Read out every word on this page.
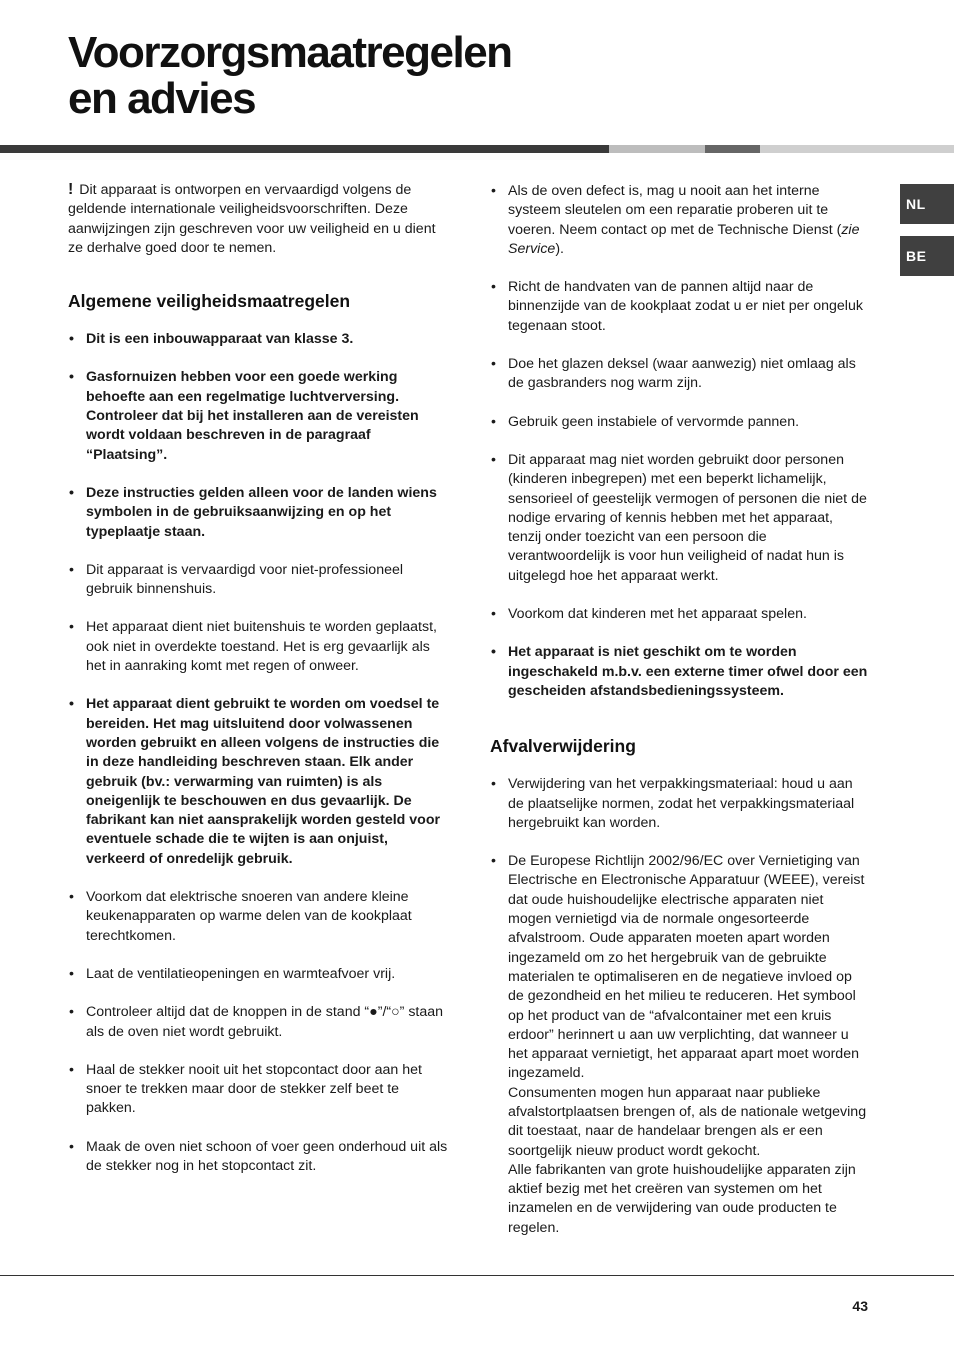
Voorzorgsmaatregelen
en advies
NL
BE

! Dit apparaat is ontworpen en vervaardigd volgens de geldende internationale veiligheidsvoorschriften. Deze aanwijzingen zijn geschreven voor uw veiligheid en u dient ze derhalve goed door te nemen.

Algemene veiligheidsmaatregelen
• Dit is een inbouwapparaat van klasse 3.
• Gasfornuizen hebben voor een goede werking behoefte aan een regelmatige luchtverversing. Controleer dat bij het installeren aan de vereisten wordt voldaan beschreven in de paragraaf “Plaatsing”.
• Deze instructies gelden alleen voor de landen wiens symbolen in de gebruiksaanwijzing en op het typeplaatje staan.
• Dit apparaat is vervaardigd voor niet-professioneel gebruik binnenshuis.
• Het apparaat dient niet buitenshuis te worden geplaatst, ook niet in overdekte toestand. Het is erg gevaarlijk als het in aanraking komt met regen of onweer.
• Het apparaat dient gebruikt te worden om voedsel te bereiden. Het mag uitsluitend door volwassenen worden gebruikt en alleen volgens de instructies die in deze handleiding beschreven staan. Elk ander gebruik (bv.: verwarming van ruimten) is als oneigenlijk te beschouwen en dus gevaarlijk. De fabrikant kan niet aansprakelijk worden gesteld voor eventuele schade die te wijten is aan onjuist, verkeerd of onredelijk gebruik.
• Voorkom dat elektrische snoeren van andere kleine keukenapparaten op warme delen van de kookplaat terechtkomen.
• Laat de ventilatieopeningen en warmteafvoer vrij.
• Controleer altijd dat de knoppen in de stand “●”/“○” staan als de oven niet wordt gebruikt.
• Haal de stekker nooit uit het stopcontact door aan het snoer te trekken maar door de stekker zelf beet te pakken.
• Maak de oven niet schoon of voer geen onderhoud uit als de stekker nog in het stopcontact zit.
• Als de oven defect is, mag u nooit aan het interne systeem sleutelen om een reparatie proberen uit te voeren. Neem contact op met de Technische Dienst (zie Service).
• Richt de handvaten van de pannen altijd naar de binnenzijde van de kookplaat zodat u er niet per ongeluk tegenaan stoot.
• Doe het glazen deksel (waar aanwezig) niet omlaag als de gasbranders nog warm zijn.
• Gebruik geen instabiele of vervormde pannen.
• Dit apparaat mag niet worden gebruikt door personen (kinderen inbegrepen) met een beperkt lichamelijk, sensorieel of geestelijk vermogen of personen die niet de nodige ervaring of kennis hebben met het apparaat, tenzij onder toezicht van een persoon die verantwoordelijk is voor hun veiligheid of nadat hun is uitgelegd hoe het apparaat werkt.
• Voorkom dat kinderen met het apparaat spelen.
• Het apparaat is niet geschikt om te worden ingeschakeld m.b.v. een externe timer ofwel door een gescheiden afstandsbedieningssysteem.
Afvalverwijdering
• Verwijdering van het verpakkingsmateriaal: houd u aan de plaatselijke normen, zodat het verpakkingsmateriaal hergebruikt kan worden.
• De Europese Richtlijn 2002/96/EC over Vernietiging van Electrische en Electronische Apparatuur (WEEE), vereist dat oude huishoudelijke electrische apparaten niet mogen vernietigd via de normale ongesorteerde afvalstroom. Oude apparaten moeten apart worden ingezameld om zo het hergebruik van de gebruikte materialen te optimaliseren en de negatieve invloed op de gezondheid en het milieu te reduceren. Het symbool op het product van de “afvalcontainer met een kruis erdoor” herinnert u aan uw verplichting, dat wanneer u het apparaat vernietigt, het apparaat apart moet worden ingezameld.
Consumenten mogen hun apparaat naar publieke afvalstortplaatsen brengen of, als de nationale wetgeving dit toestaat, naar de handelaar brengen als er een soortgelijk nieuw product wordt gekocht.
Alle fabrikanten van grote huishoudelijke apparaten zijn aktief bezig met het creëren van systemen om het inzamelen en de verwijdering van oude producten te regelen.
43
